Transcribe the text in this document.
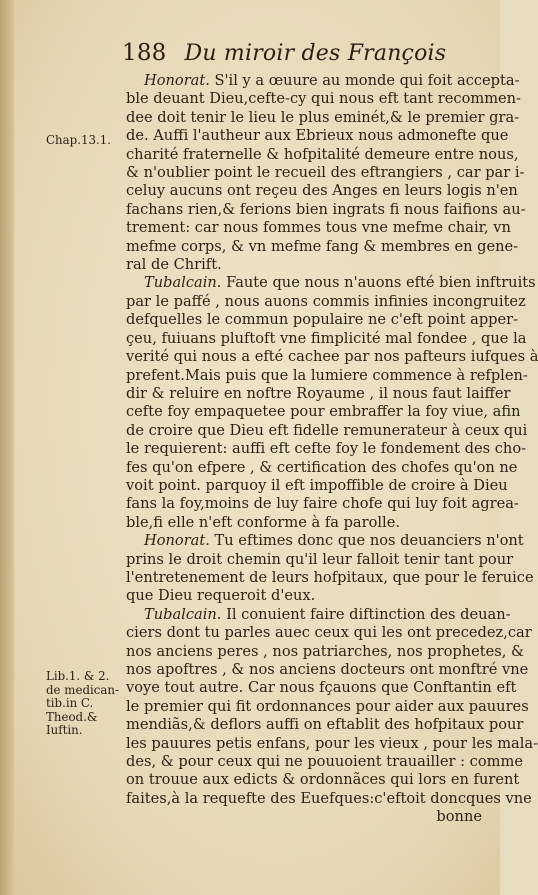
188 Du miroir des François
Chap.13.1.
Lib.1. & 2.
de medican-
tib.in C.
Theod.&
Iuftin.
Honorat. S'il y a œuure au monde qui foit accepta-
ble deuant Dieu,cefte-cy qui nous eft tant recommen-
dee doit tenir le lieu le plus eminét,& le premier gra-
de. Auffi l'autheur aux Ebrieux nous admonefte que
charité fraternelle & hofpitalité demeure entre nous,
& n'oublier point le recueil des eftrangiers , car par i-
celuy aucuns ont reçeu des Anges en leurs logis n'en
fachans rien,& ferions bien ingrats fi nous faifions au-
trement: car nous fommes tous vne mefme chair, vn
mefme corps, & vn mefme fang & membres en gene-
ral de Chrift.
Tubalcain. Faute que nous n'auons efté bien inftruits
par le paffé , nous auons commis infinies incongruitez
defquelles le commun populaire ne c'eft point apper-
çeu, fuiuans pluftoft vne fimplicité mal fondee , que la
verité qui nous a efté cachee par nos pafteurs iufques à
prefent.Mais puis que la lumiere commence à refplen-
dir & reluire en noftre Royaume , il nous faut laiffer
cefte foy empaquetee pour embraffer la foy viue, afin
de croire que Dieu eft fidelle remunerateur à ceux qui
le requierent: auffi eft cefte foy le fondement des cho-
fes qu'on efpere , & certification des chofes qu'on ne
voit point. parquoy il eft impoffible de croire à Dieu
fans la foy,moins de luy faire chofe qui luy foit agrea-
ble,fi elle n'eft conforme à fa parolle.
Honorat. Tu eftimes donc que nos deuanciers n'ont
prins le droit chemin qu'il leur falloit tenir tant pour
l'entretenement de leurs hofpitaux, que pour le feruice
que Dieu requeroit d'eux.
Tubalcain. Il conuient faire diftinction des deuan-
ciers dont tu parles auec ceux qui les ont precedez,car
nos anciens peres , nos patriarches, nos prophetes, &
nos apoftres , & nos anciens docteurs ont monftré vne
voye tout autre. Car nous fçauons que Conftantin eft
le premier qui fit ordonnances pour aider aux pauures
mendiãs,& deflors auffi on eftablit des hofpitaux pour
les pauures petis enfans, pour les vieux , pour les mala-
des, & pour ceux qui ne pouuoient trauailler : comme
on trouue aux edicts & ordonnãces qui lors en furent
faites,à la requefte des Euefques:c'eftoit doncques vne
bonne
